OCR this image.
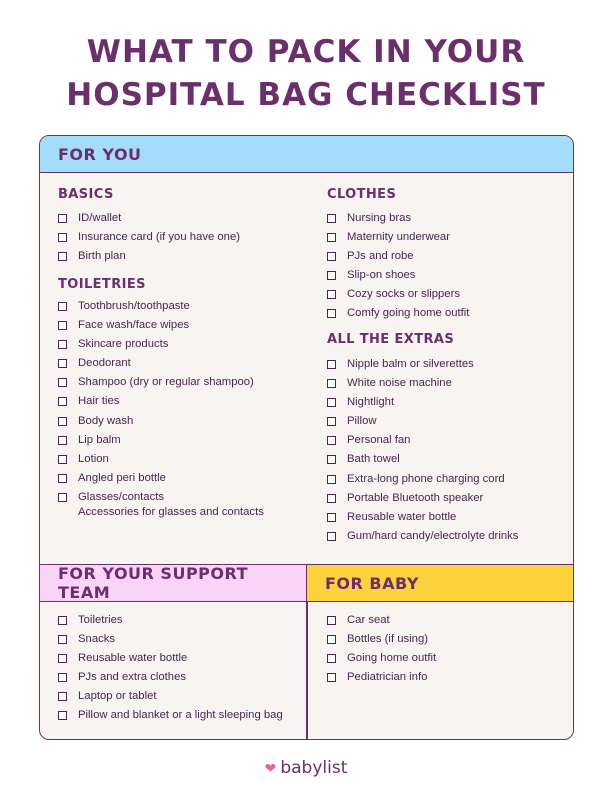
WHAT TO PACK IN YOUR
HOSPITAL BAG CHECKLIST
FOR YOU
BASICS
ID/wallet
Insurance card (if you have one)
Birth plan
TOILETRIES
Toothbrush/toothpaste
Face wash/face wipes
Skincare products
Deodorant
Shampoo (dry or regular shampoo)
Hair ties
Body wash
Lip balm
Lotion
Angled peri bottle
Glasses/contacts
Accessories for glasses and contacts
CLOTHES
Nursing bras
Maternity underwear
PJs and robe
Slip-on shoes
Cozy socks or slippers
Comfy going home outfit
ALL THE EXTRAS
Nipple balm or silverettes
White noise machine
Nightlight
Pillow
Personal fan
Bath towel
Extra-long phone charging cord
Portable Bluetooth speaker
Reusable water bottle
Gum/hard candy/electrolyte drinks
FOR YOUR SUPPORT TEAM	FOR BABY
Toiletries
Snacks
Reusable water bottle
PJs and extra clothes
Laptop or tablet
Pillow and blanket or a light sleeping bag
Car seat
Bottles (if using)
Going home outfit
Pediatrician info
❤ babylist
